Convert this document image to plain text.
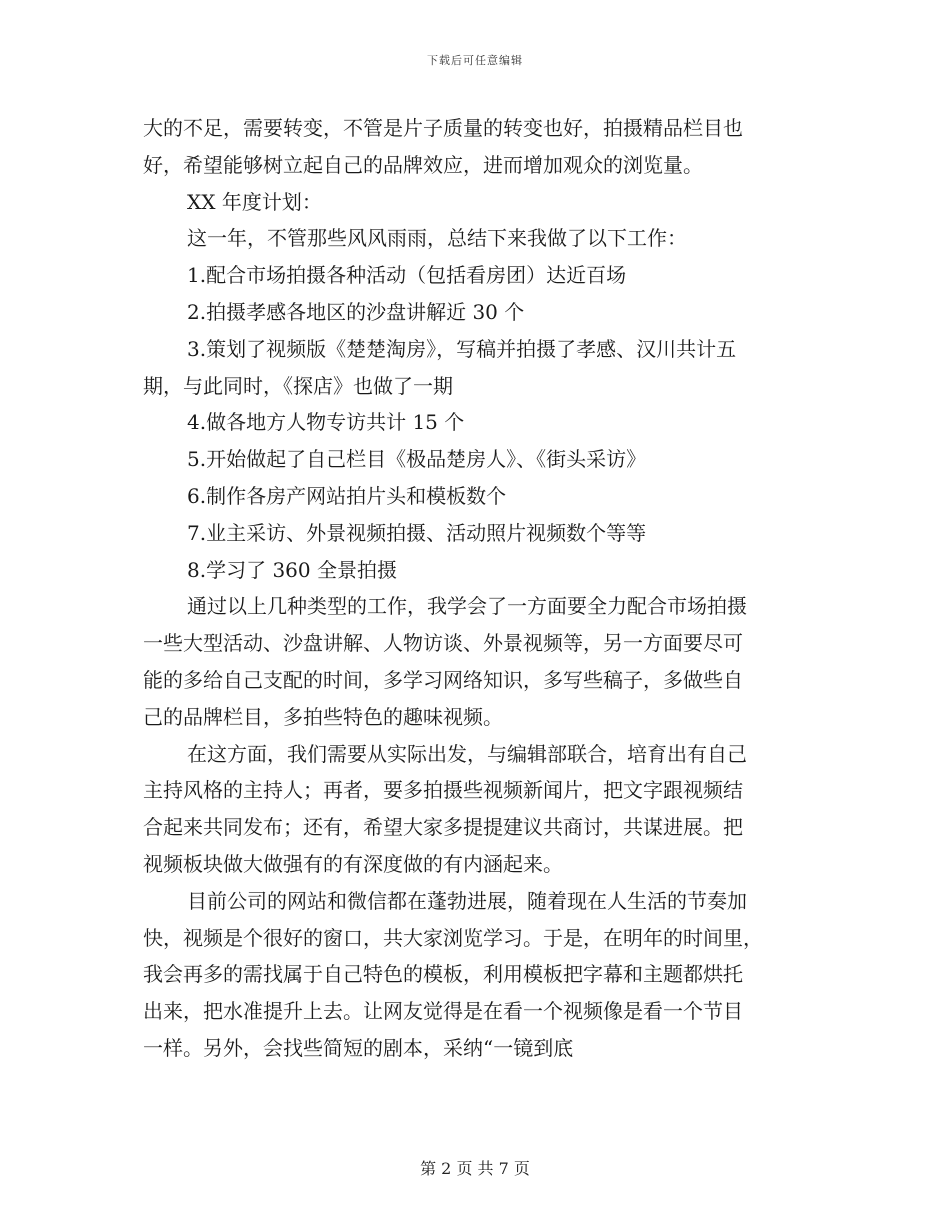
下载后可任意编辑
大的不足，需要转变，不管是片子质量的转变也好，拍摄精品栏目也
好，希望能够树立起自己的品牌效应，进而增加观众的浏览量。
XX 年度计划：
这一年，不管那些风风雨雨，总结下来我做了以下工作：
1.配合市场拍摄各种活动（包括看房团）达近百场
2.拍摄孝感各地区的沙盘讲解近 30 个
3.策划了视频版《楚楚淘房》，写稿并拍摄了孝感、汉川共计五
期，与此同时，《探店》也做了一期
4.做各地方人物专访共计 15 个
5.开始做起了自己栏目《极品楚房人》、《街头采访》
6.制作各房产网站拍片头和模板数个
7.业主采访、外景视频拍摄、活动照片视频数个等等
8.学习了 360 全景拍摄
通过以上几种类型的工作，我学会了一方面要全力配合市场拍摄
一些大型活动、沙盘讲解、人物访谈、外景视频等，另一方面要尽可
能的多给自己支配的时间，多学习网络知识，多写些稿子，多做些自
己的品牌栏目，多拍些特色的趣味视频。
在这方面，我们需要从实际出发，与编辑部联合，培育出有自己
主持风格的主持人；再者，要多拍摄些视频新闻片，把文字跟视频结
合起来共同发布；还有，希望大家多提提建议共商讨，共谋进展。把
视频板块做大做强有的有深度做的有内涵起来。
目前公司的网站和微信都在蓬勃进展，随着现在人生活的节奏加
快，视频是个很好的窗口，共大家浏览学习。于是，在明年的时间里，
我会再多的需找属于自己特色的模板，利用模板把字幕和主题都烘托
出来，把水准提升上去。让网友觉得是在看一个视频像是看一个节目
一样。另外，会找些简短的剧本，采纳“一镜到底
第 2 页 共 7 页
